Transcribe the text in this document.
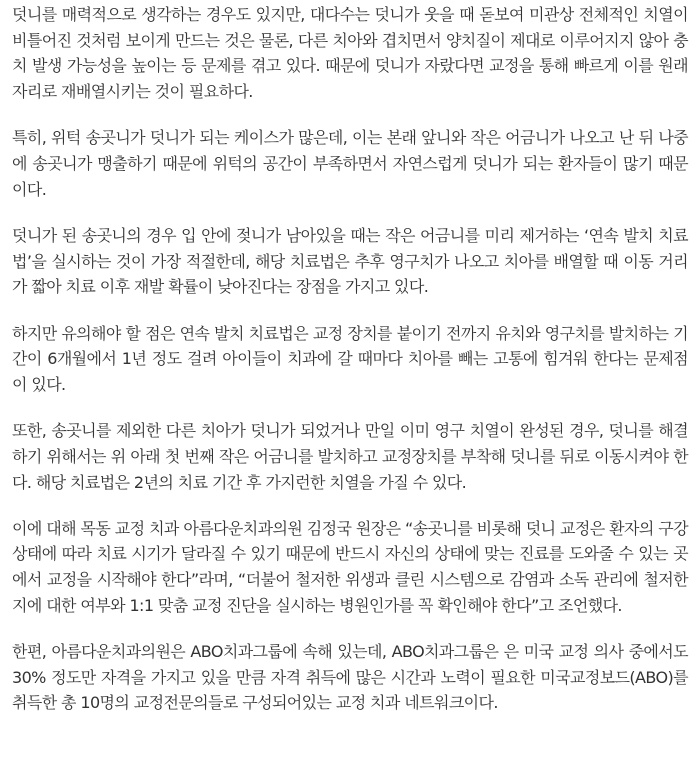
덧니를 매력적으로 생각하는 경우도 있지만, 대다수는 덧니가 웃을 때 돋보여 미관상 전체적인 치열이 비틀어진 것처럼 보이게 만드는 것은 물론, 다른 치아와 겹치면서 양치질이 제대로 이루어지지 않아 충치 발생 가능성을 높이는 등 문제를 겪고 있다. 때문에 덧니가 자랐다면 교정을 통해 빠르게 이를 원래 자리로 재배열시키는 것이 필요하다.

특히, 위턱 송곳니가 덧니가 되는 케이스가 많은데, 이는 본래 앞니와 작은 어금니가 나오고 난 뒤 나중에 송곳니가 맹출하기 때문에 위턱의 공간이 부족하면서 자연스럽게 덧니가 되는 환자들이 많기 때문이다.

덧니가 된 송곳니의 경우 입 안에 젖니가 남아있을 때는 작은 어금니를 미리 제거하는 ‘연속 발치 치료법’을 실시하는 것이 가장 적절한데, 해당 치료법은 추후 영구치가 나오고 치아를 배열할 때 이동 거리가 짧아 치료 이후 재발 확률이 낮아진다는 장점을 가지고 있다.

하지만 유의해야 할 점은 연속 발치 치료법은 교정 장치를 붙이기 전까지 유치와 영구치를 발치하는 기간이 6개월에서 1년 정도 걸려 아이들이 치과에 갈 때마다 치아를 빼는 고통에 힘겨워 한다는 문제점이 있다.

또한, 송곳니를 제외한 다른 치아가 덧니가 되었거나 만일 이미 영구 치열이 완성된 경우, 덧니를 해결하기 위해서는 위 아래 첫 번째 작은 어금니를 발치하고 교정장치를 부착해 덧니를 뒤로 이동시켜야 한다. 해당 치료법은 2년의 치료 기간 후 가지런한 치열을 가질 수 있다.

이에 대해 목동 교정 치과 아름다운치과의원 김정국 원장은 “송곳니를 비롯해 덧니 교정은 환자의 구강 상태에 따라 치료 시기가 달라질 수 있기 때문에 반드시 자신의 상태에 맞는 진료를 도와줄 수 있는 곳에서 교정을 시작해야 한다”라며, “더불어 철저한 위생과 클린 시스템으로 감염과 소독 관리에 철저한 지에 대한 여부와 1:1 맞춤 교정 진단을 실시하는 병원인가를 꼭 확인해야 한다”고 조언했다.

한편, 아름다운치과의원은 ABO치과그룹에 속해 있는데, ABO치과그룹은 은 미국 교정 의사 중에서도 30% 정도만 자격을 가지고 있을 만큼 자격 취득에 많은 시간과 노력이 필요한 미국교정보드(ABO)를 취득한 총 10명의 교정전문의들로 구성되어있는 교정 치과 네트워크이다.
